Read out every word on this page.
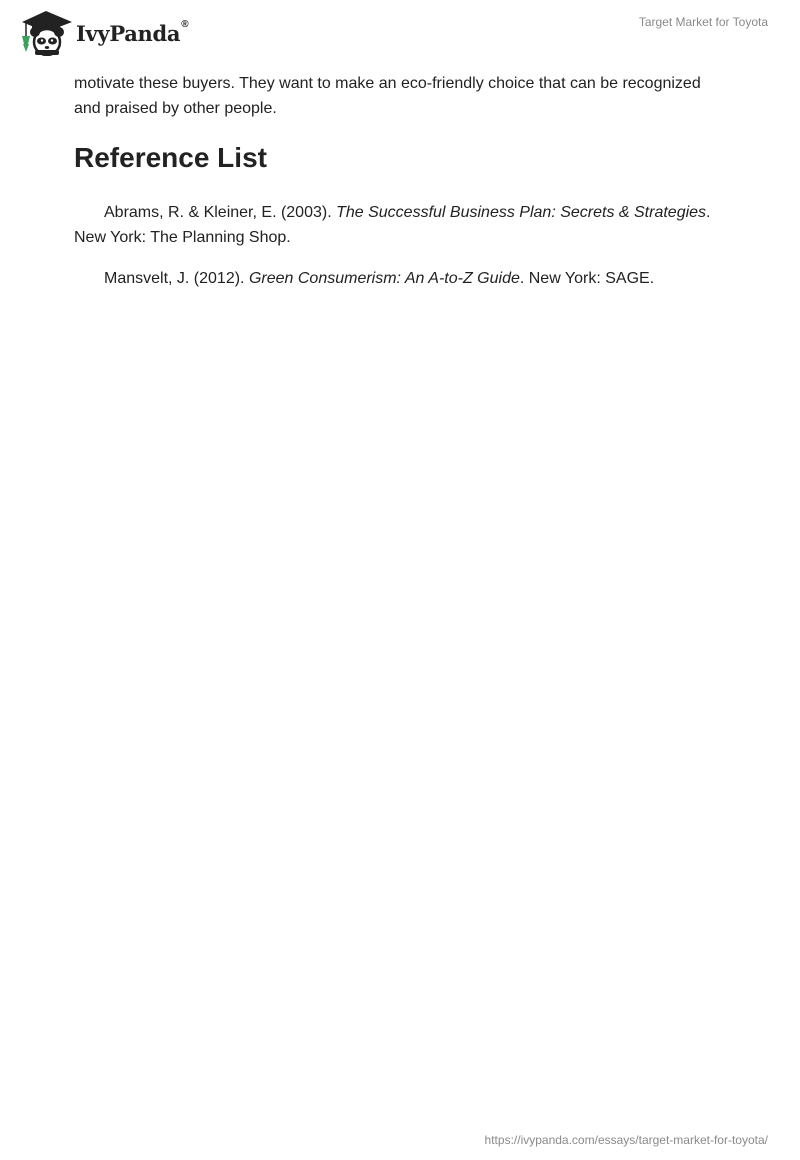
IvyPanda®	Target Market for Toyota

motivate these buyers. They want to make an eco-friendly choice that can be recognized and praised by other people.

Reference List

Abrams, R. & Kleiner, E. (2003). The Successful Business Plan: Secrets & Strategies. New York: The Planning Shop.

Mansvelt, J. (2012). Green Consumerism: An A-to-Z Guide. New York: SAGE.

https://ivypanda.com/essays/target-market-for-toyota/
